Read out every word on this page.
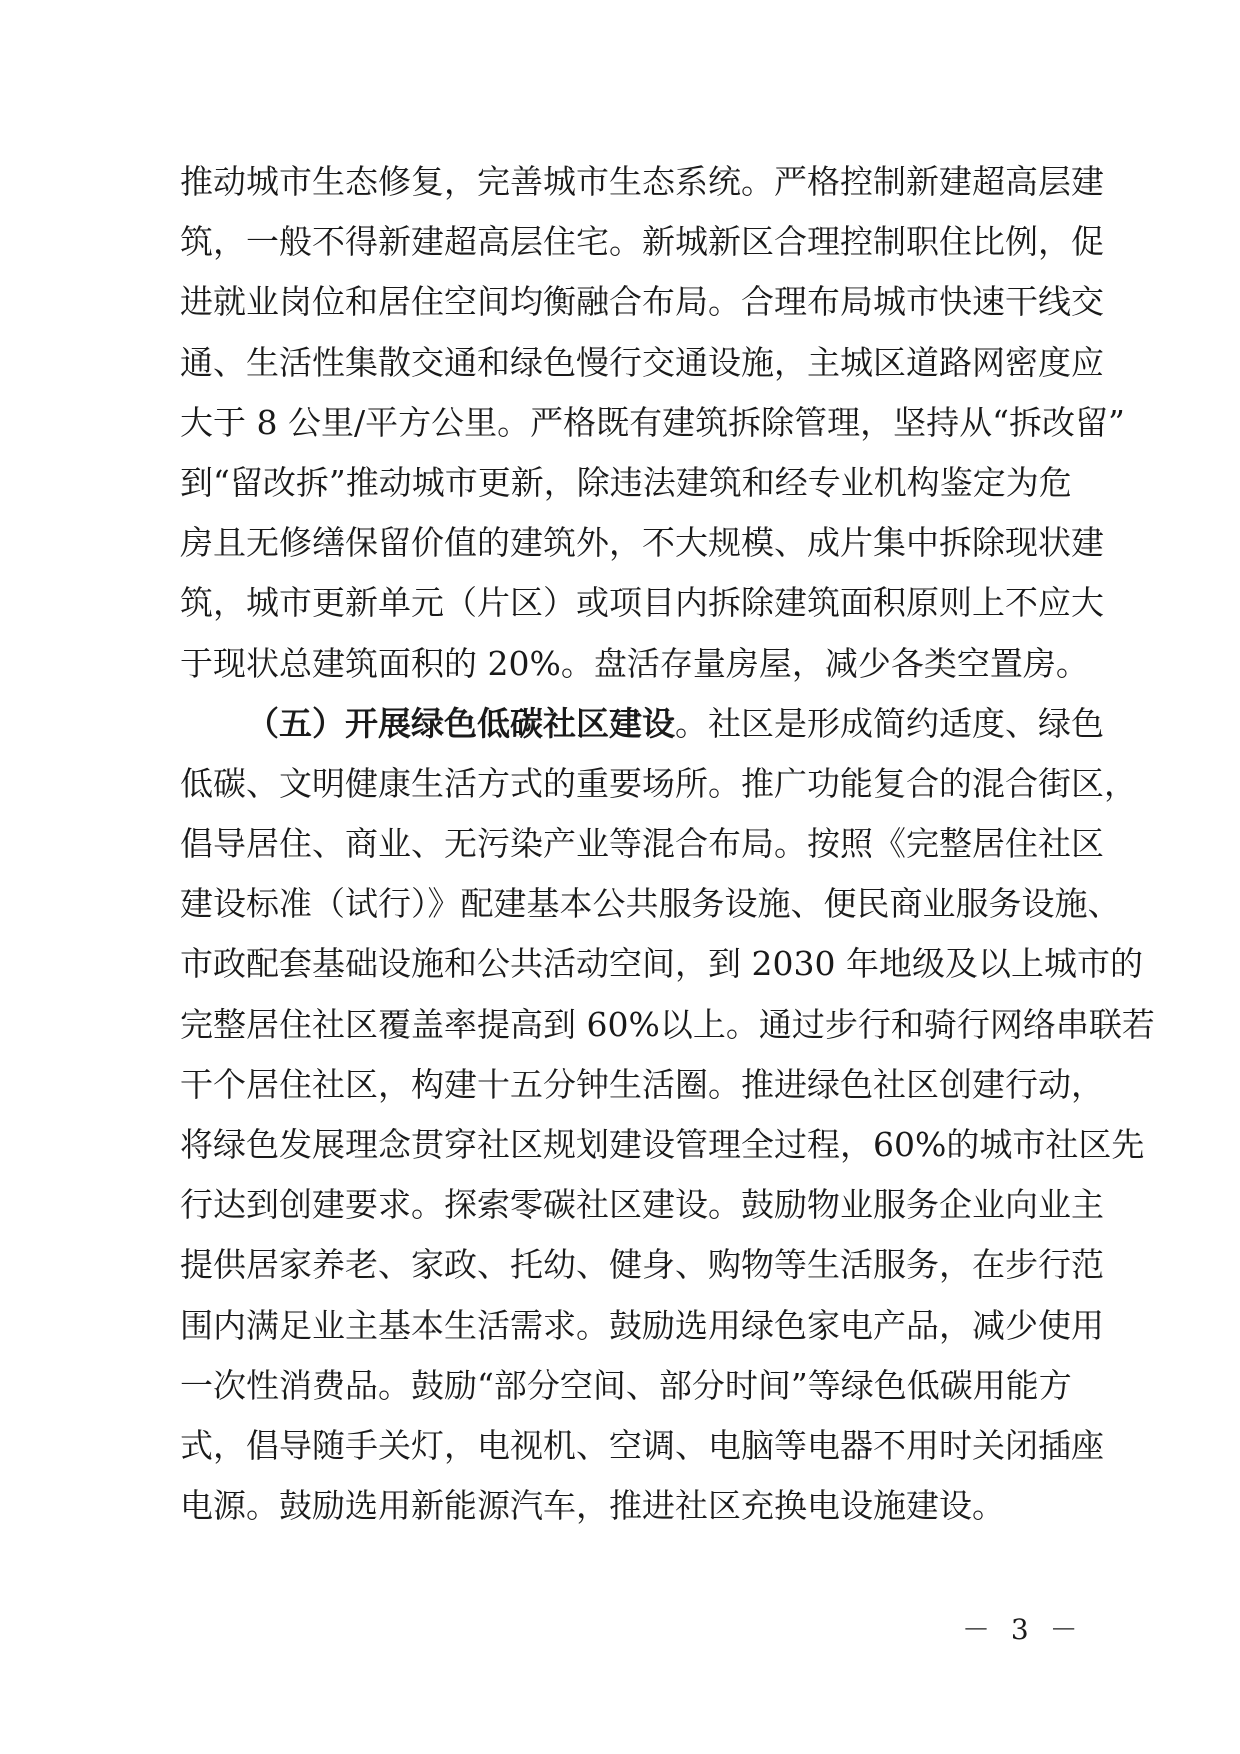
推动城市生态修复，完善城市生态系统。严格控制新建超高层建
筑，一般不得新建超高层住宅。新城新区合理控制职住比例，促
进就业岗位和居住空间均衡融合布局。合理布局城市快速干线交
通、生活性集散交通和绿色慢行交通设施，主城区道路网密度应
大于 8 公里/平方公里。严格既有建筑拆除管理，坚持从“拆改留”
到“留改拆”推动城市更新，除违法建筑和经专业机构鉴定为危
房且无修缮保留价值的建筑外，不大规模、成片集中拆除现状建
筑，城市更新单元（片区）或项目内拆除建筑面积原则上不应大
于现状总建筑面积的 20%。盘活存量房屋，减少各类空置房。
（五）开展绿色低碳社区建设。社区是形成简约适度、绿色
低碳、文明健康生活方式的重要场所。推广功能复合的混合街区，
倡导居住、商业、无污染产业等混合布局。按照《完整居住社区
建设标准（试行）》配建基本公共服务设施、便民商业服务设施、
市政配套基础设施和公共活动空间，到 2030 年地级及以上城市的
完整居住社区覆盖率提高到 60%以上。通过步行和骑行网络串联若
干个居住社区，构建十五分钟生活圈。推进绿色社区创建行动，
将绿色发展理念贯穿社区规划建设管理全过程，60%的城市社区先
行达到创建要求。探索零碳社区建设。鼓励物业服务企业向业主
提供居家养老、家政、托幼、健身、购物等生活服务，在步行范
围内满足业主基本生活需求。鼓励选用绿色家电产品，减少使用
一次性消费品。鼓励“部分空间、部分时间”等绿色低碳用能方
式，倡导随手关灯，电视机、空调、电脑等电器不用时关闭插座
电源。鼓励选用新能源汽车，推进社区充换电设施建设。
－ 3 －
